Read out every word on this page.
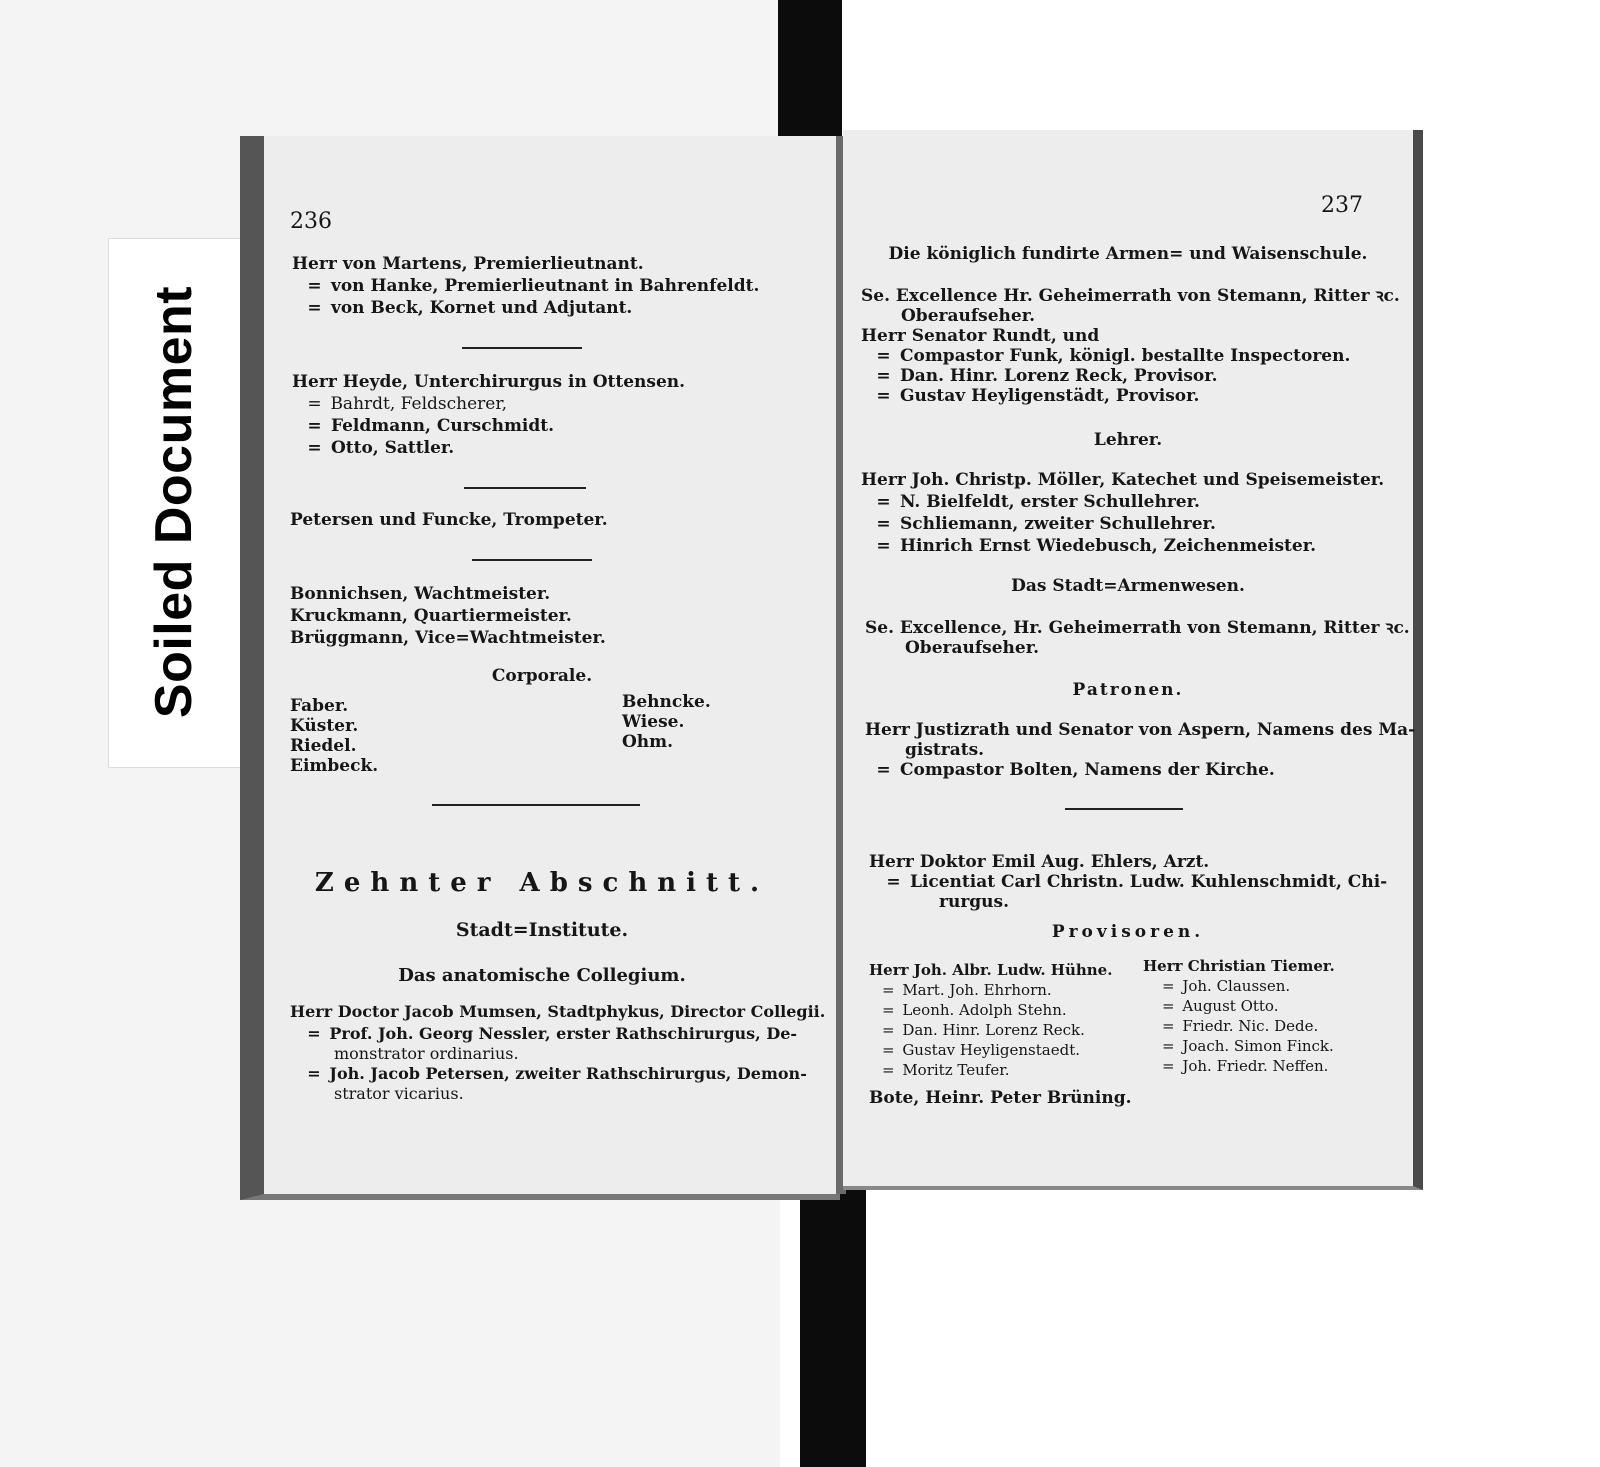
Soiled Document
236
Herr von Martens, Premierlieutnant.
 =  von Hanke, Premierlieutnant in Bahrenfeldt.
 =  von Beck, Kornet und Adjutant.
Herr Heyde, Unterchirurgus in Ottensen.
 =  Bahrdt, Feldscherer,
 =  Feldmann, Curschmidt.
 =  Otto, Sattler.
Petersen und Funcke, Trompeter.
Bonnichsen, Wachtmeister.
Kruckmann, Quartiermeister.
Brüggmann, Vice=Wachtmeister.
Corporale.
Faber.
Küster.
Riedel.
Eimbeck.
Behncke.
Wiese.
Ohm.
Zehnter Abschnitt.
Stadt=Institute.
Das anatomische Collegium.
Herr Doctor Jacob Mumsen, Stadtphykus, Director Collegii.
 =  Prof. Joh. Georg Nessler, erster Rathschirurgus, De-
monstrator ordinarius.
 =  Joh. Jacob Petersen, zweiter Rathschirurgus, Demon-
strator vicarius.
237
Die königlich fundirte Armen= und Waisenschule.
Se. Excellence Hr. Geheimerrath von Stemann, Ritter ꝛc.
Oberaufseher.
Herr Senator Rundt, und
 =  Compastor Funk, königl. bestallte Inspectoren.
 =  Dan. Hinr. Lorenz Reck, Provisor.
 =  Gustav Heyligenstädt, Provisor.
Lehrer.
Herr Joh. Christp. Möller, Katechet und Speisemeister.
 =  N. Bielfeldt, erster Schullehrer.
 =  Schliemann, zweiter Schullehrer.
 =  Hinrich Ernst Wiedebusch, Zeichenmeister.
Das Stadt=Armenwesen.
Se. Excellence, Hr. Geheimerrath von Stemann, Ritter ꝛc.
Oberaufseher.
Patronen.
Herr Justizrath und Senator von Aspern, Namens des Ma-
gistrats.
 =  Compastor Bolten, Namens der Kirche.
Herr Doktor Emil Aug. Ehlers, Arzt.
 =  Licentiat Carl Christn. Ludw. Kuhlenschmidt, Chi-
rurgus.
Provisoren.
Herr Joh. Albr. Ludw. Hühne.
 =  Mart. Joh. Ehrhorn.
 =  Leonh. Adolph Stehn.
 =  Dan. Hinr. Lorenz Reck.
 =  Gustav Heyligenstaedt.
 =  Moritz Teufer.
Herr Christian Tiemer.
 =  Joh. Claussen.
 =  August Otto.
 =  Friedr. Nic. Dede.
 =  Joach. Simon Finck.
 =  Joh. Friedr. Neffen.
Bote, Heinr. Peter Brüning.
